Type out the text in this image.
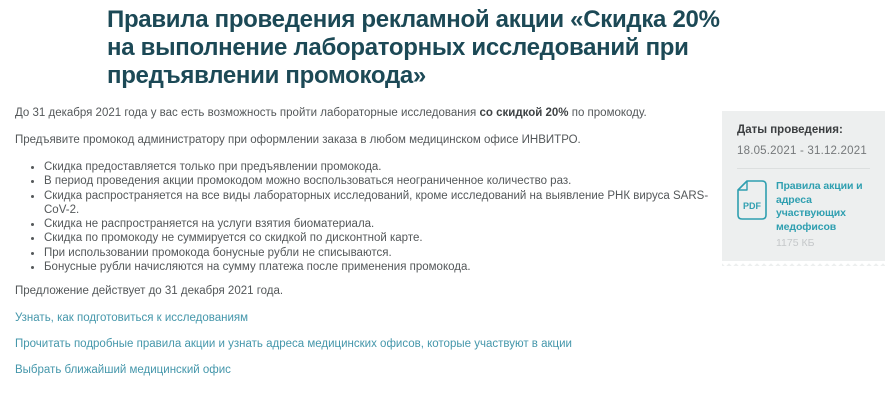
Правила проведения рекламной акции «Скидка 20% на выполнение лабораторных исследований при предъявлении промокода»

До 31 декабря 2021 года у вас есть возможность пройти лабораторные исследования со скидкой 20% по промокоду.

Предъявите промокод администратору при оформлении заказа в любом медицинском офисе ИНВИТРО.

• Скидка предоставляется только при предъявлении промокода.
• В период проведения акции промокодом можно воспользоваться неограниченное количество раз.
• Скидка распространяется на все виды лабораторных исследований, кроме исследований на выявление РНК вируса SARS-CoV-2.
• Скидка не распространяется на услуги взятия биоматериала.
• Скидка по промокоду не суммируется со скидкой по дисконтной карте.
• При использовании промокода бонусные рубли не списываются.
• Бонусные рубли начисляются на сумму платежа после применения промокода.

Предложение действует до 31 декабря 2021 года.

Узнать, как подготовиться к исследованиям
Прочитать подробные правила акции и узнать адреса медицинских офисов, которые участвуют в акции
Выбрать ближайший медицинский офис
Даты проведения:
18.05.2021 - 31.12.2021
PDF
Правила акции и адреса участвующих медофисов
1175 КБ
